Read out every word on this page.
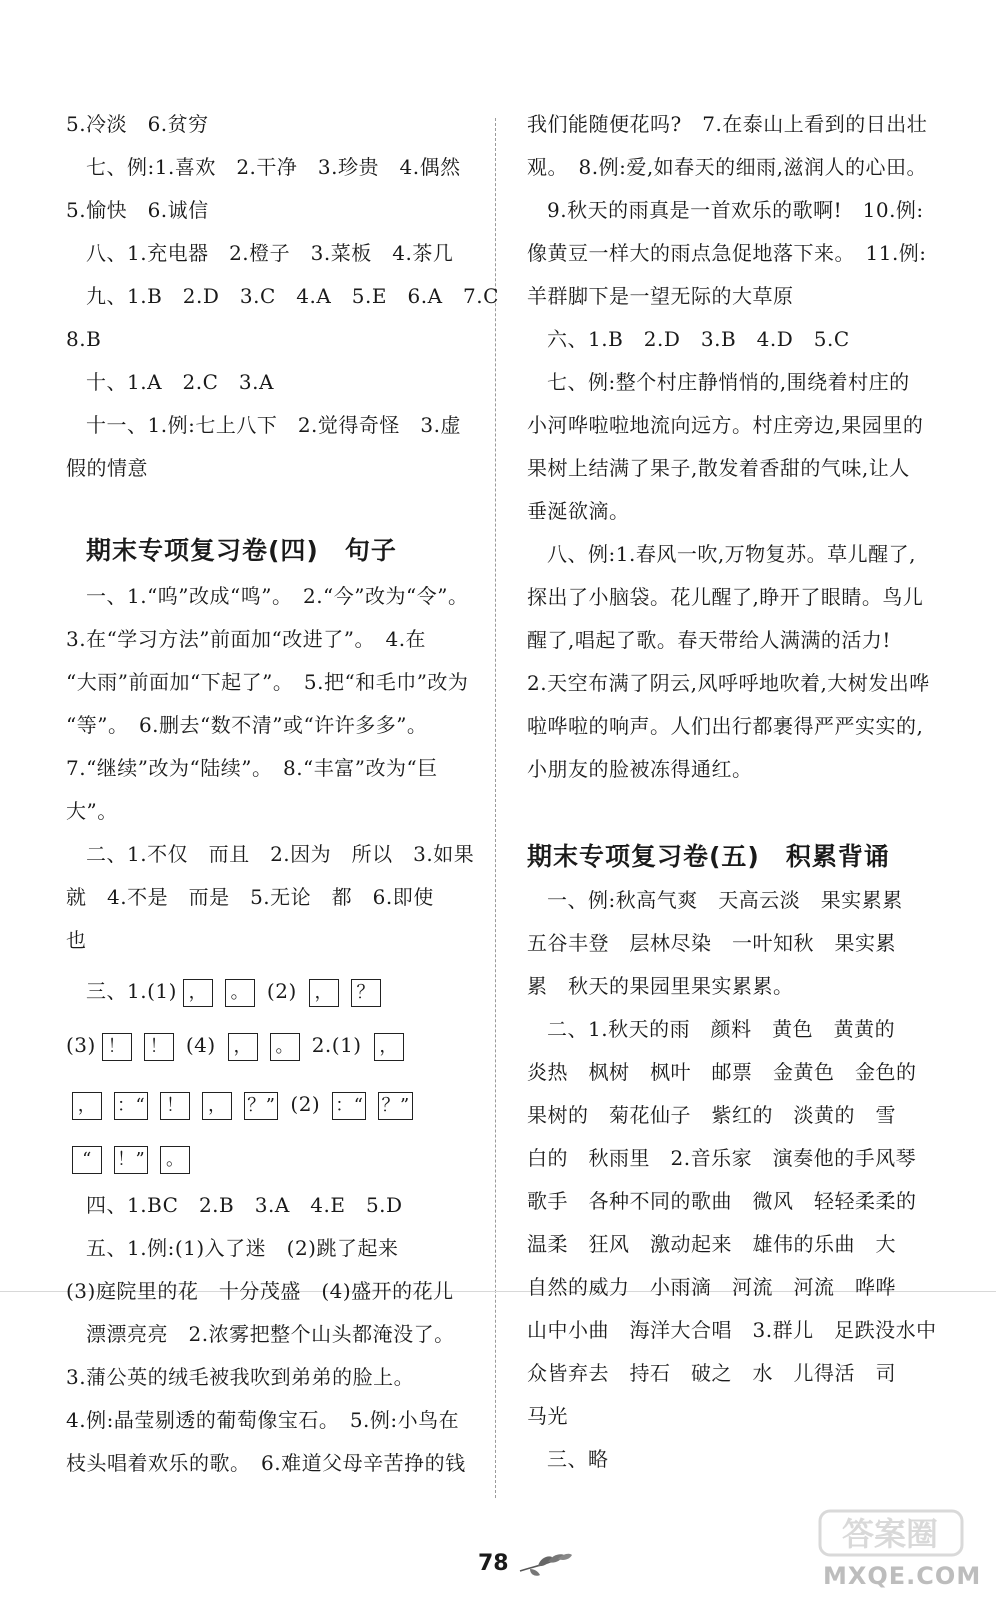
5.冷淡　6.贫穷
七、例:1.喜欢　2.干净　3.珍贵　4.偶然
5.愉快　6.诚信
八、1.充电器　2.橙子　3.菜板　4.茶几
九、1.B　2.D　3.C　4.A　5.E　6.A　7.C
8.B
十、1.A　2.C　3.A
十一、1.例:七上八下　2.觉得奇怪　3.虚
假的情意
期末专项复习卷(四)　句子
一、1.“呜”改成“鸣”。　2.“今”改为“令”。
3.在“学习方法”前面加“改进了”。　4.在
“大雨”前面加“下起了”。　5.把“和毛巾”改为
“等”。　6.删去“数不清”或“许许多多”。
7.“继续”改为“陆续”。　8.“丰富”改为“巨
大”。
二、1.不仅　而且　2.因为　所以　3.如果
就　4.不是　而是　5.无论　都　6.即使
也
三、1.(1) ， 。 (2) ， ？
(3) ！ ！ (4) ， 。 2.(1) ，
， ：“ ！ ， ？” (2) ：“ ？”
“ ！” 。
四、1.BC　2.B　3.A　4.E　5.D
五、1.例:(1)入了迷　(2)跳了起来
(3)庭院里的花　十分茂盛　(4)盛开的花儿
漂漂亮亮　2.浓雾把整个山头都淹没了。
3.蒲公英的绒毛被我吹到弟弟的脸上。
4.例:晶莹剔透的葡萄像宝石。　5.例:小鸟在
枝头唱着欢乐的歌。　6.难道父母辛苦挣的钱
我们能随便花吗?　7.在泰山上看到的日出壮
观。　8.例:爱,如春天的细雨,滋润人的心田。
9.秋天的雨真是一首欢乐的歌啊!　10.例:
像黄豆一样大的雨点急促地落下来。　11.例:
羊群脚下是一望无际的大草原
六、1.B　2.D　3.B　4.D　5.C
七、例:整个村庄静悄悄的,围绕着村庄的
小河哗啦啦地流向远方。村庄旁边,果园里的
果树上结满了果子,散发着香甜的气味,让人
垂涎欲滴。
八、例:1.春风一吹,万物复苏。草儿醒了,
探出了小脑袋。花儿醒了,睁开了眼睛。鸟儿
醒了,唱起了歌。春天带给人满满的活力!
2.天空布满了阴云,风呼呼地吹着,大树发出哗
啦哗啦的响声。人们出行都裹得严严实实的,
小朋友的脸被冻得通红。
期末专项复习卷(五)　积累背诵
一、例:秋高气爽　天高云淡　果实累累
五谷丰登　层林尽染　一叶知秋　果实累
累　秋天的果园里果实累累。
二、1.秋天的雨　颜料　黄色　黄黄的
炎热　枫树　枫叶　邮票　金黄色　金色的
果树的　菊花仙子　紫红的　淡黄的　雪
白的　秋雨里　2.音乐家　演奏他的手风琴
歌手　各种不同的歌曲　微风　轻轻柔柔的
温柔　狂风　激动起来　雄伟的乐曲　大
自然的威力　小雨滴　河流　河流　哗哗
山中小曲　海洋大合唱　3.群儿　足跌没水中
众皆弃去　持石　破之　水　儿得活　司
马光
三、略
78
答案圈
MXQE.COM
